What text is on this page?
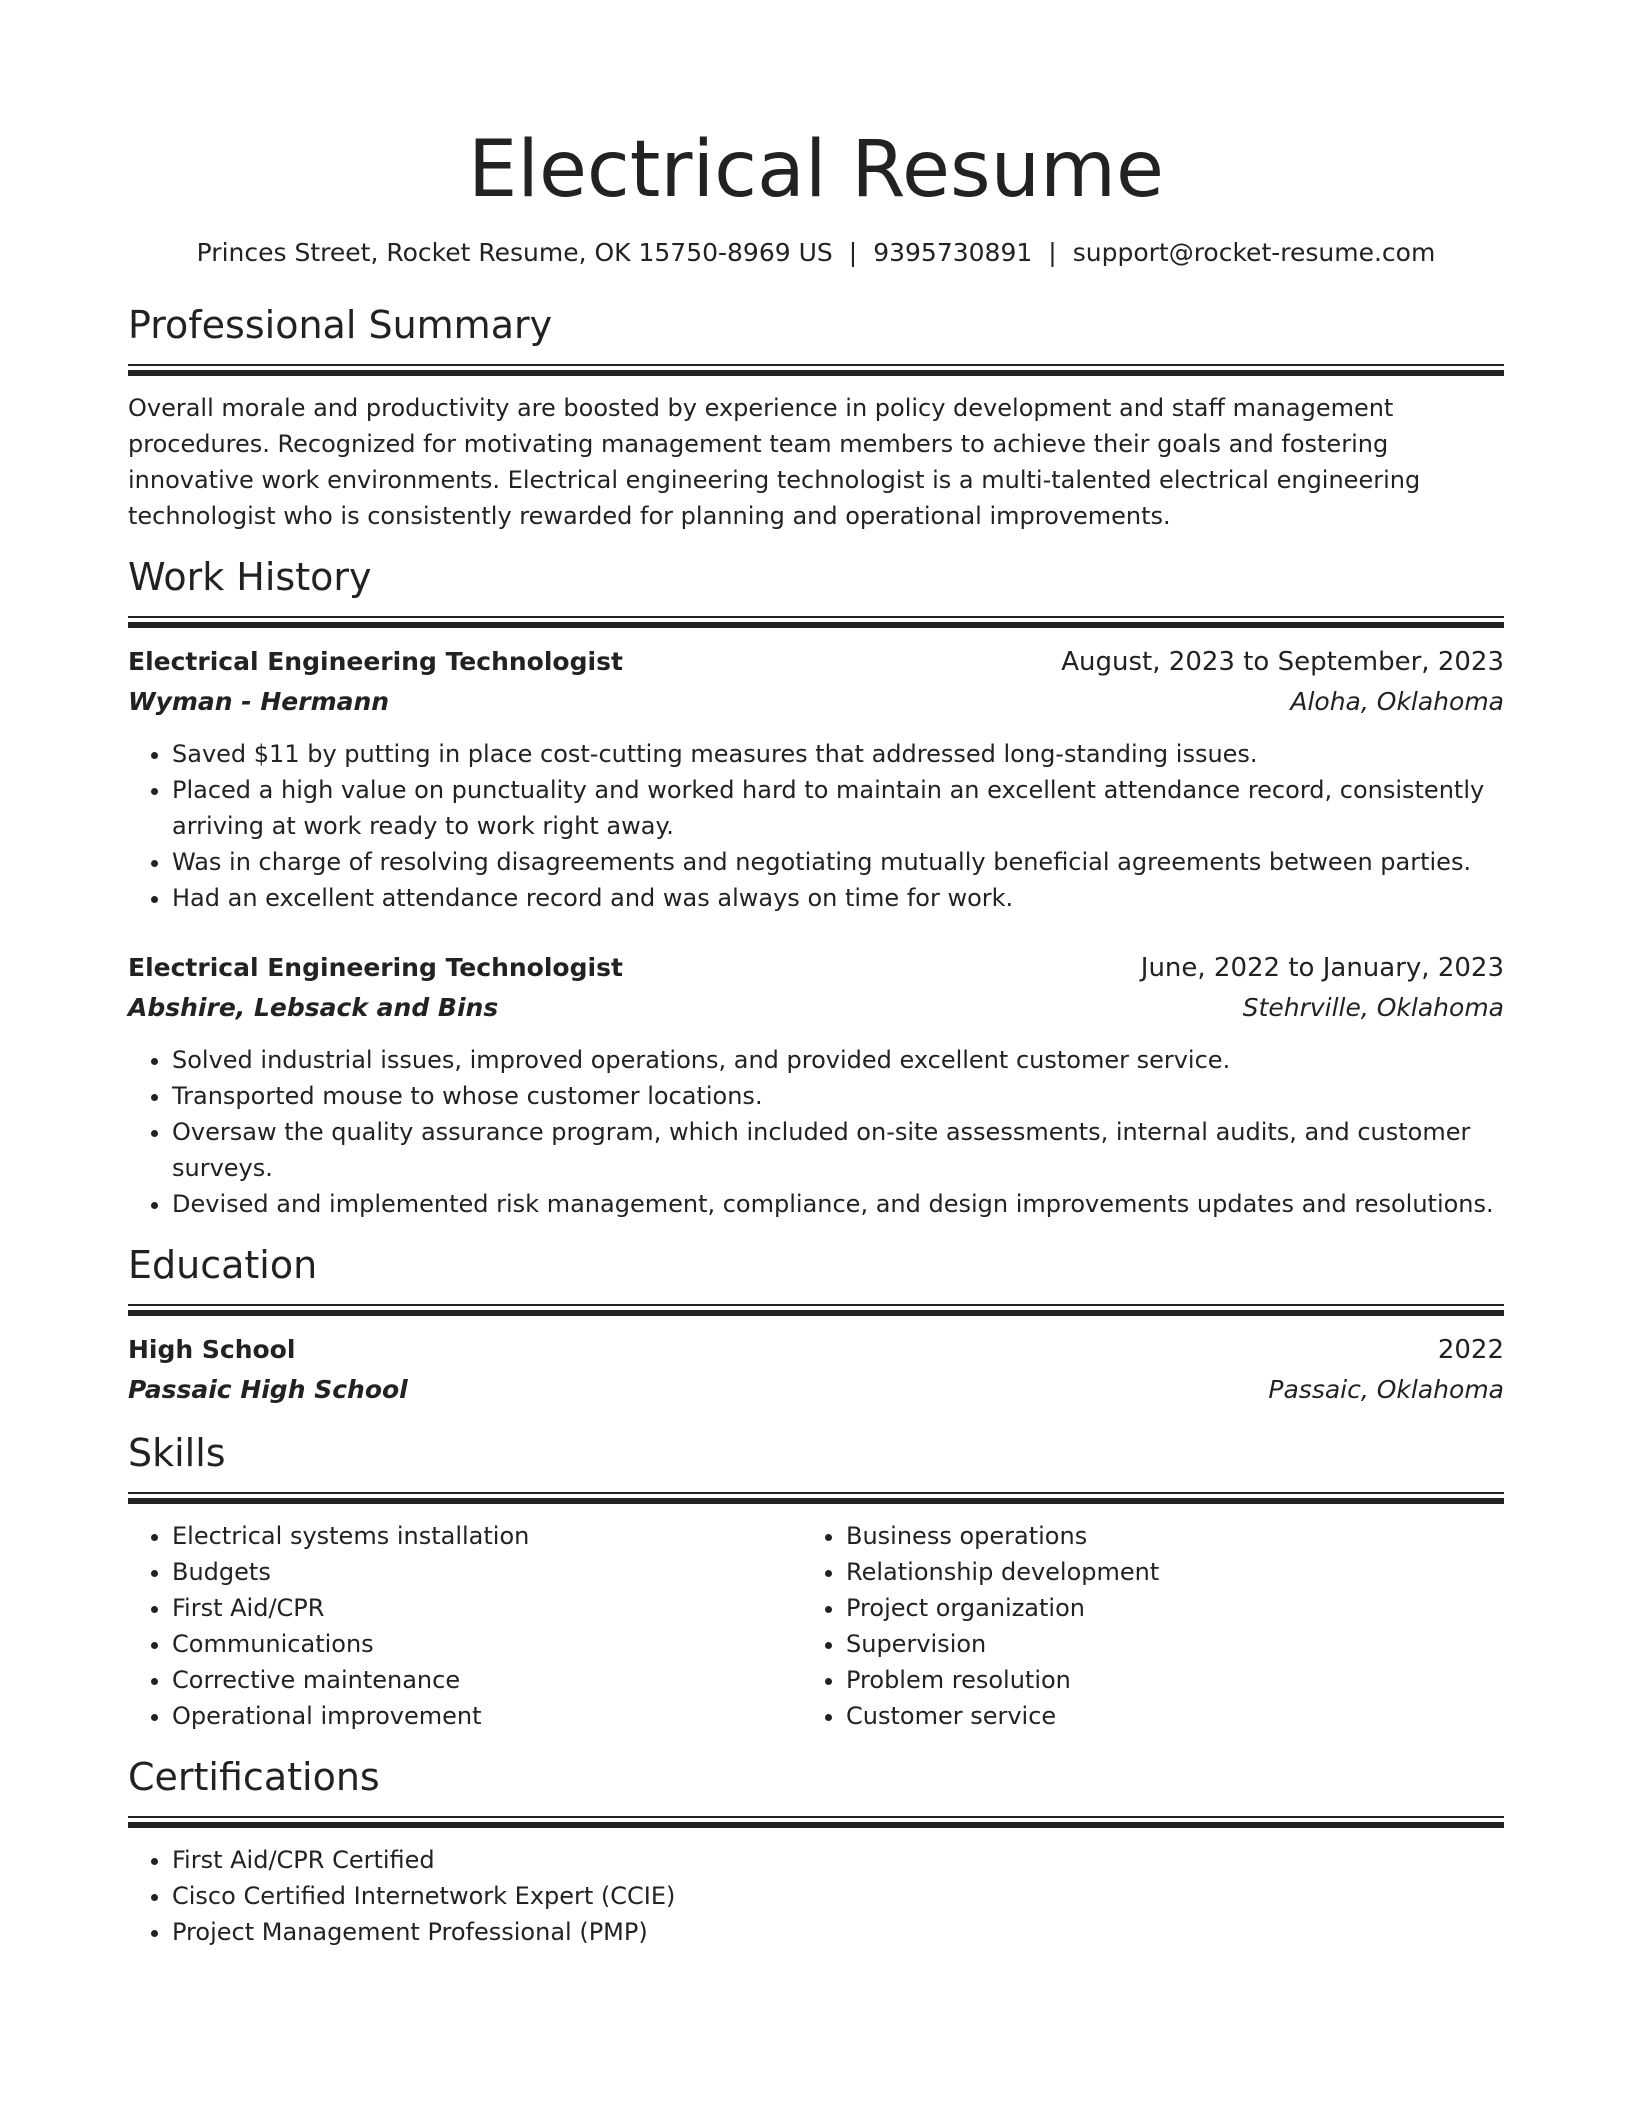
Electrical Resume
Princes Street, Rocket Resume, OK 15750-8969 US | 9395730891 | support@rocket-resume.com
Professional Summary
Overall morale and productivity are boosted by experience in policy development and staff management procedures. Recognized for motivating management team members to achieve their goals and fostering innovative work environments. Electrical engineering technologist is a multi-talented electrical engineering technologist who is consistently rewarded for planning and operational improvements.
Work History
Electrical Engineering Technologist	August, 2023 to September, 2023
Wyman - Hermann	Aloha, Oklahoma
• Saved $11 by putting in place cost-cutting measures that addressed long-standing issues.
• Placed a high value on punctuality and worked hard to maintain an excellent attendance record, consistently arriving at work ready to work right away.
• Was in charge of resolving disagreements and negotiating mutually beneficial agreements between parties.
• Had an excellent attendance record and was always on time for work.
Electrical Engineering Technologist	June, 2022 to January, 2023
Abshire, Lebsack and Bins	Stehrville, Oklahoma
• Solved industrial issues, improved operations, and provided excellent customer service.
• Transported mouse to whose customer locations.
• Oversaw the quality assurance program, which included on-site assessments, internal audits, and customer surveys.
• Devised and implemented risk management, compliance, and design improvements updates and resolutions.
Education
High School	2022
Passaic High School	Passaic, Oklahoma
Skills
• Electrical systems installation
• Budgets
• First Aid/CPR
• Communications
• Corrective maintenance
• Operational improvement
• Business operations
• Relationship development
• Project organization
• Supervision
• Problem resolution
• Customer service
Certifications
• First Aid/CPR Certified
• Cisco Certified Internetwork Expert (CCIE)
• Project Management Professional (PMP)
